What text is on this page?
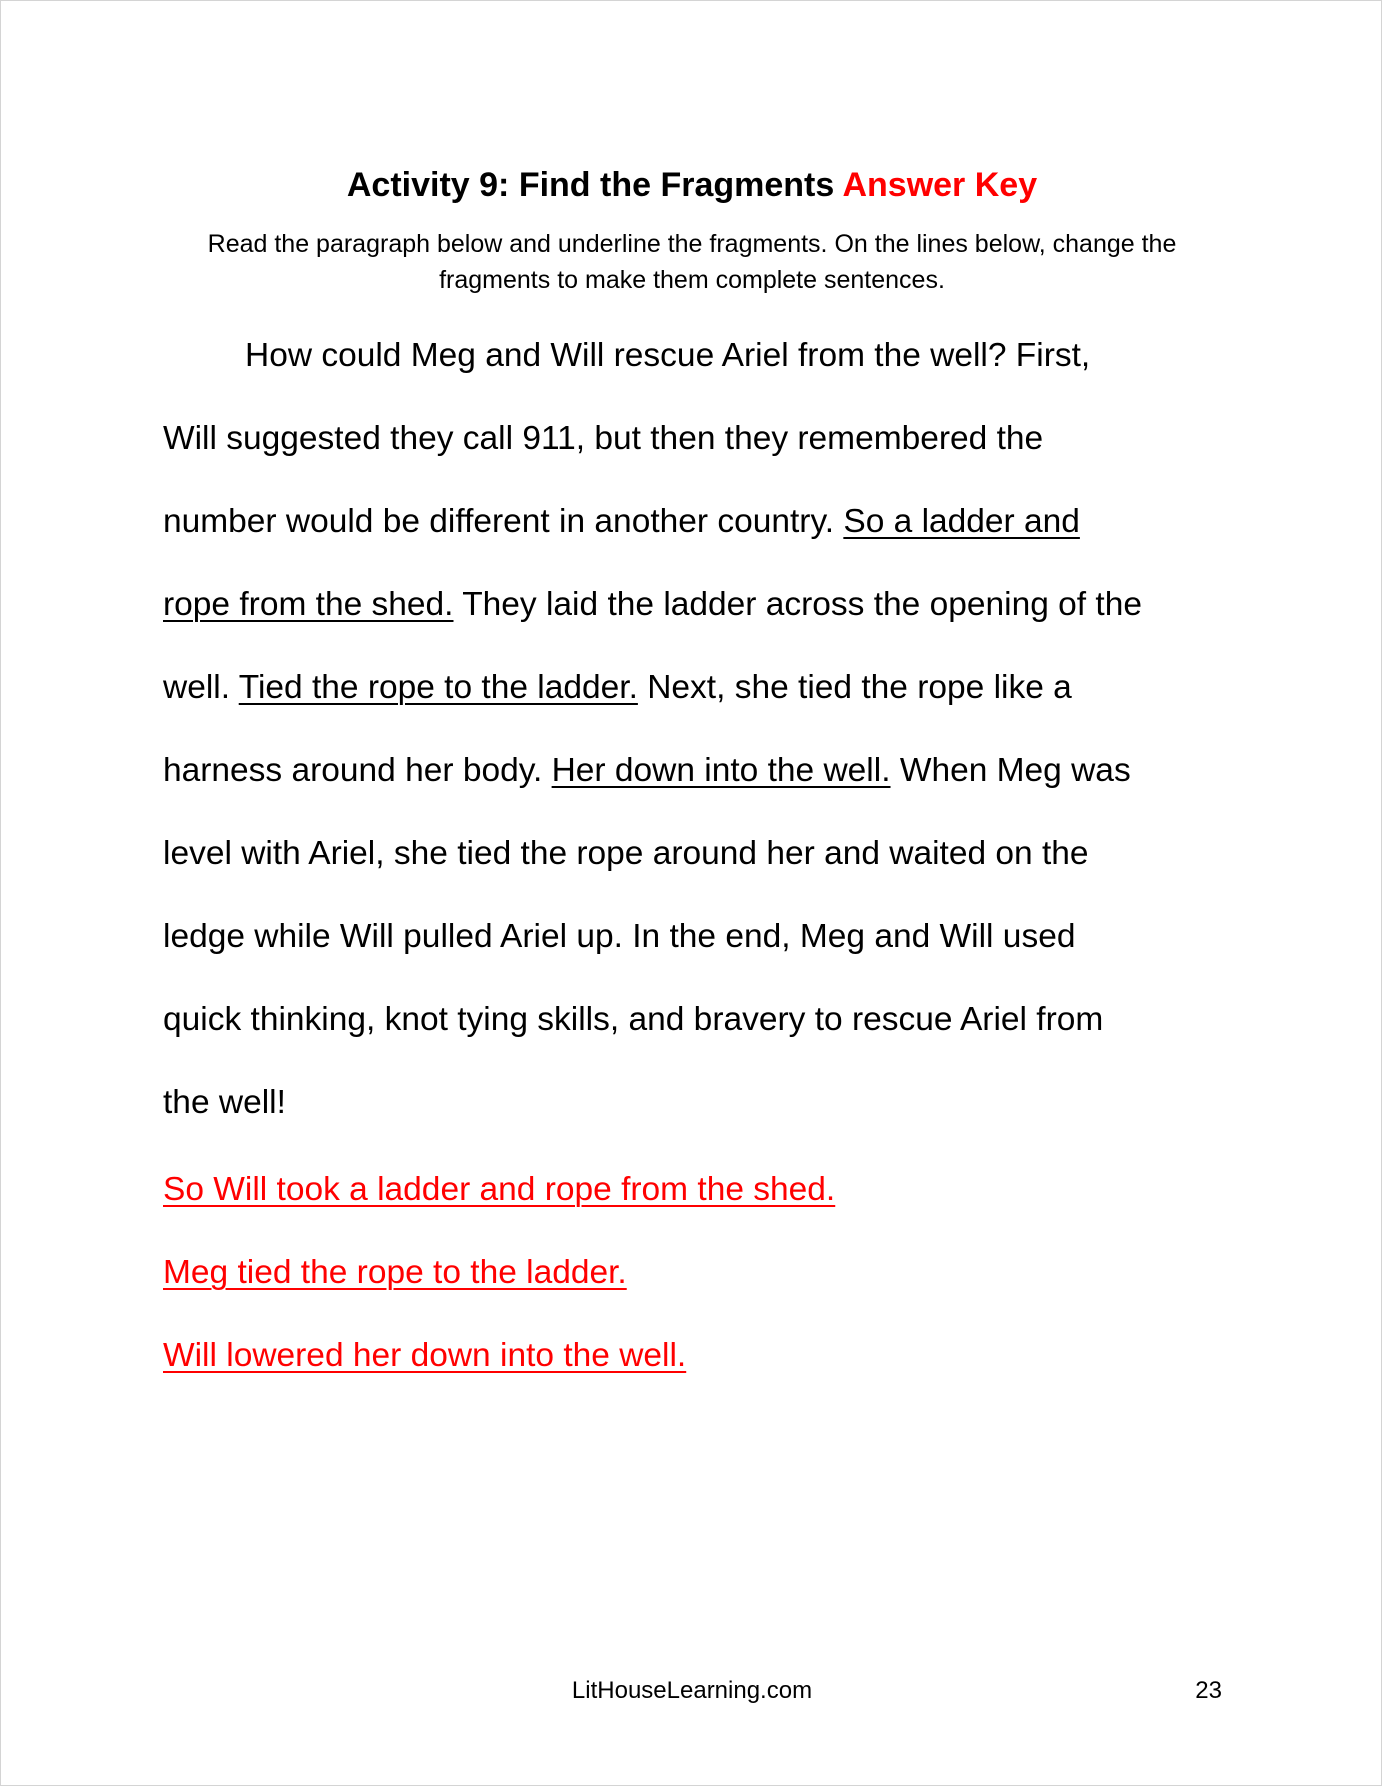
Activity 9: Find the Fragments Answer Key
Read the paragraph below and underline the fragments. On the lines below, change the
fragments to make them complete sentences.
How could Meg and Will rescue Ariel from the well? First,
Will suggested they call 911, but then they remembered the
number would be different in another country. So a ladder and
rope from the shed. They laid the ladder across the opening of the
well. Tied the rope to the ladder. Next, she tied the rope like a
harness around her body. Her down into the well. When Meg was
level with Ariel, she tied the rope around her and waited on the
ledge while Will pulled Ariel up. In the end, Meg and Will used
quick thinking, knot tying skills, and bravery to rescue Ariel from
the well!
So Will took a ladder and rope from the shed.
Meg tied the rope to the ladder.
Will lowered her down into the well.
LitHouseLearning.com	23
